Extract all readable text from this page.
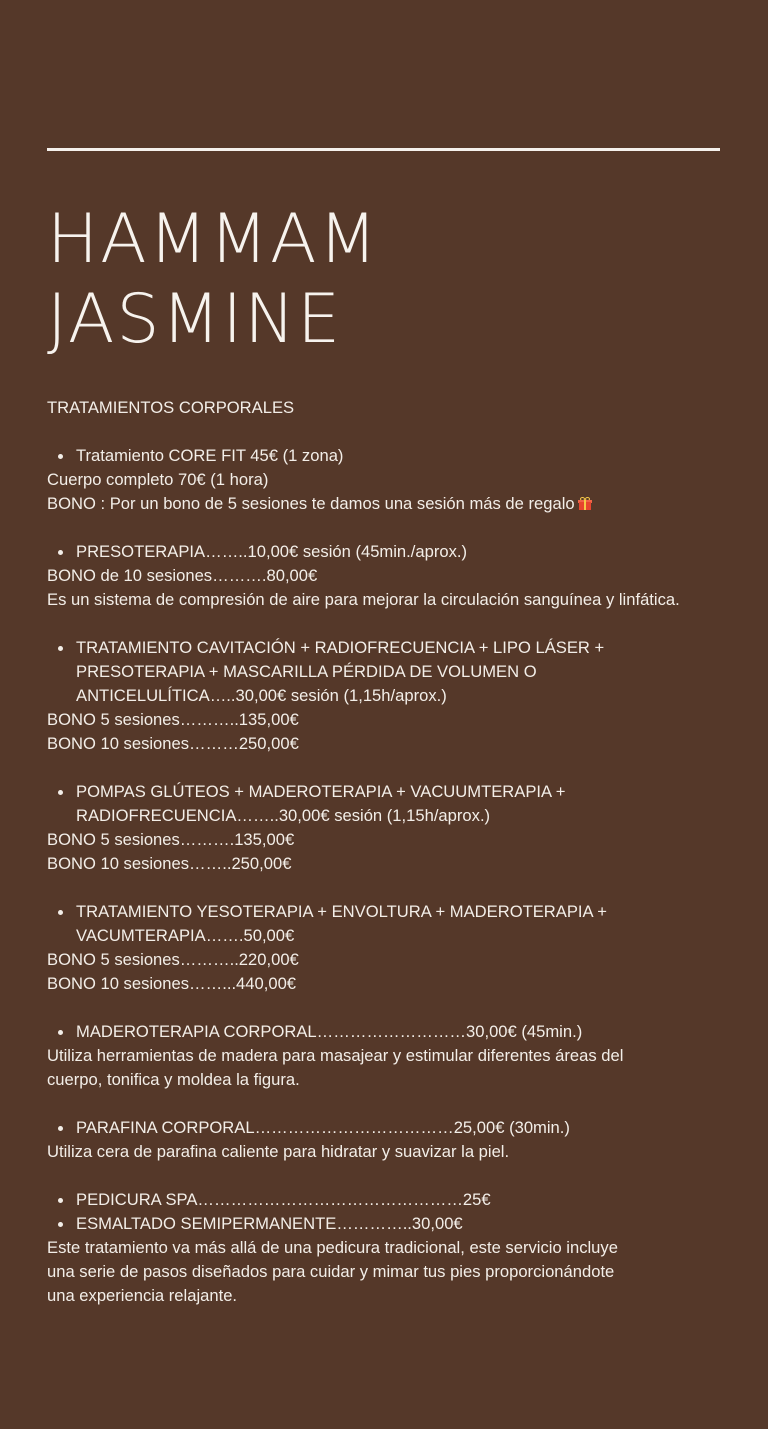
HAMMAM
JASMINE

TRATAMIENTOS CORPORALES

Tratamiento CORE FIT 45€ (1 zona)
Cuerpo completo 70€ (1 hora)
BONO : Por un bono de 5 sesiones te damos una sesión más de regalo
PRESOTERAPIA……..10,00€ sesión (45min./aprox.)
BONO de 10 sesiones……….80,00€
Es un sistema de compresión de aire para mejorar la circulación sanguínea y linfática.
TRATAMIENTO CAVITACIÓN + RADIOFRECUENCIA + LIPO LÁSER + PRESOTERAPIA + MASCARILLA PÉRDIDA DE VOLUMEN O ANTICELULÍTICA…..30,00€ sesión (1,15h/aprox.)
BONO 5 sesiones………..135,00€
BONO 10 sesiones………250,00€
POMPAS GLÚTEOS + MADEROTERAPIA + VACUUMTERAPIA + RADIOFRECUENCIA……..30,00€ sesión (1,15h/aprox.)
BONO 5 sesiones……….135,00€
BONO 10 sesiones……..250,00€
TRATAMIENTO YESOTERAPIA + ENVOLTURA + MADEROTERAPIA + VACUMTERAPIA…….50,00€
BONO 5 sesiones………..220,00€
BONO 10 sesiones……...440,00€
MADEROTERAPIA CORPORAL………………………30,00€ (45min.)
Utiliza herramientas de madera para masajear y estimular diferentes áreas del cuerpo, tonifica y moldea la figura.
PARAFINA CORPORAL………………………………25,00€ (30min.)
Utiliza cera de parafina caliente para hidratar y suavizar la piel.
PEDICURA SPA…………………………………………25€
ESMALTADO SEMIPERMANENTE…………..30,00€
Este tratamiento va más allá de una pedicura tradicional, este servicio incluye una serie de pasos diseñados para cuidar y mimar tus pies proporcionándote una experiencia relajante.
